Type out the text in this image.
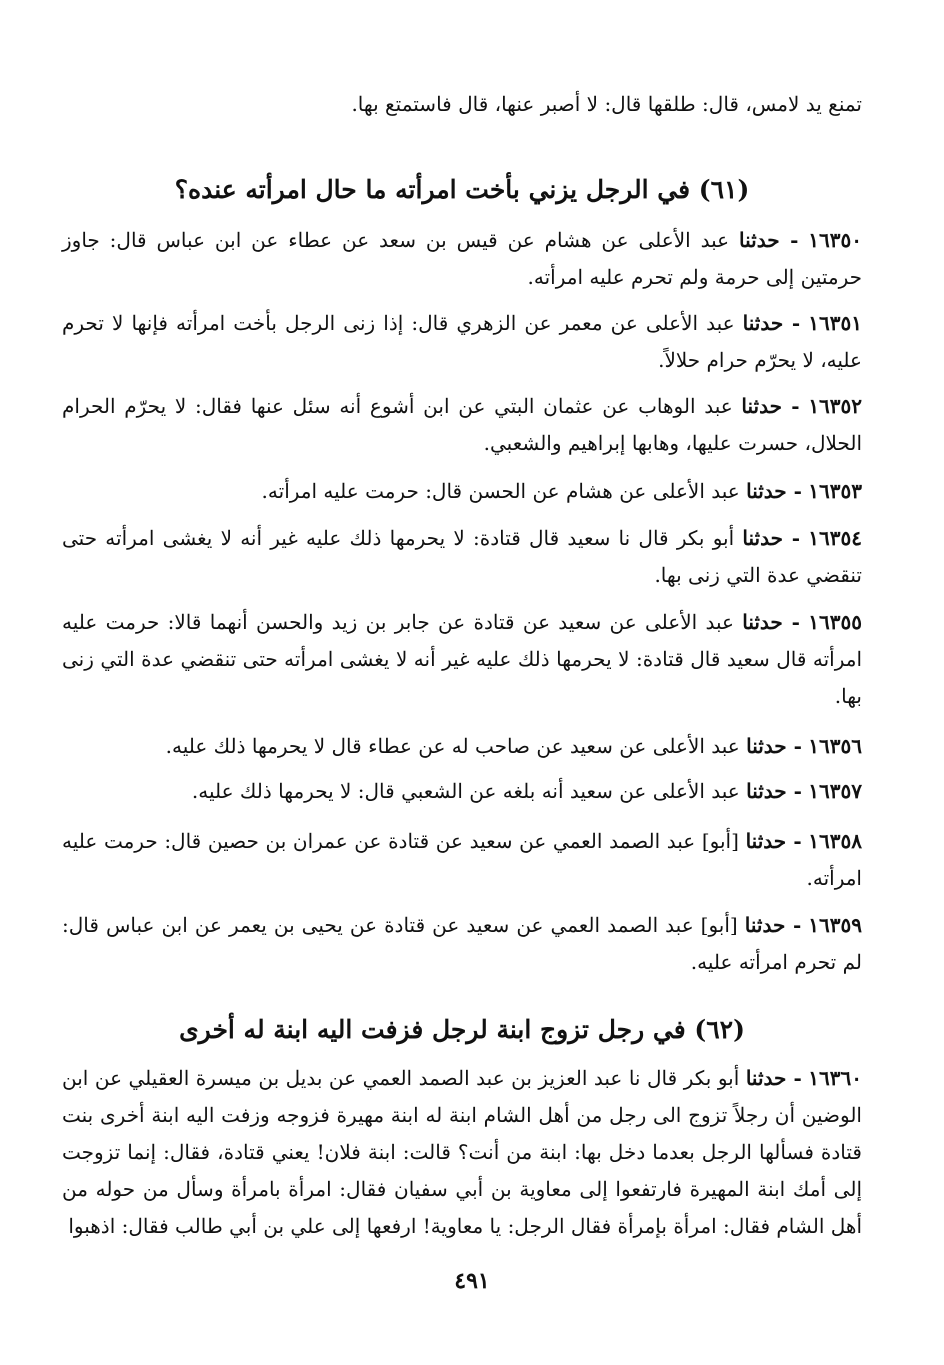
تمنع يد لامس، قال: طلقها قال: لا أصبر عنها، قال فاستمتع بها.
(٦١) في الرجل يزني بأخت امرأته ما حال امرأته عنده؟
١٦٣٥٠ - حدثنا عبد الأعلى عن هشام عن قيس بن سعد عن عطاء عن ابن عباس قال: جاوز حرمتين إلى حرمة ولم تحرم عليه امرأته.
١٦٣٥١ - حدثنا عبد الأعلى عن معمر عن الزهري قال: إذا زنى الرجل بأخت امرأته فإنها لا تحرم عليه، لا يحرّم حرام حلالاً.
١٦٣٥٢ - حدثنا عبد الوهاب عن عثمان البتي عن ابن أشوع أنه سئل عنها فقال: لا يحرّم الحرام الحلال، حسرت عليها، وهابها إبراهيم والشعبي.
١٦٣٥٣ - حدثنا عبد الأعلى عن هشام عن الحسن قال: حرمت عليه امرأته.
١٦٣٥٤ - حدثنا أبو بكر قال نا سعيد قال قتادة: لا يحرمها ذلك عليه غير أنه لا يغشى امرأته حتى تنقضي عدة التي زنى بها.
١٦٣٥٥ - حدثنا عبد الأعلى عن سعيد عن قتادة عن جابر بن زيد والحسن أنهما قالا: حرمت عليه امرأته قال سعيد قال قتادة: لا يحرمها ذلك عليه غير أنه لا يغشى امرأته حتى تنقضي عدة التي زنى بها.
١٦٣٥٦ - حدثنا عبد الأعلى عن سعيد عن صاحب له عن عطاء قال لا يحرمها ذلك عليه.
١٦٣٥٧ - حدثنا عبد الأعلى عن سعيد أنه بلغه عن الشعبي قال: لا يحرمها ذلك عليه.
١٦٣٥٨ - حدثنا [أبو] عبد الصمد العمي عن سعيد عن قتادة عن عمران بن حصين قال: حرمت عليه امرأته.
١٦٣٥٩ - حدثنا [أبو] عبد الصمد العمي عن سعيد عن قتادة عن يحيى بن يعمر عن ابن عباس قال: لم تحرم امرأته عليه.
(٦٢) في رجل تزوج ابنة لرجل فزفت اليه ابنة له أخرى
١٦٣٦٠ - حدثنا أبو بكر قال نا عبد العزيز بن عبد الصمد العمي عن بديل بن ميسرة العقيلي عن ابن الوضين أن رجلاً تزوج الى رجل من أهل الشام ابنة له ابنة مهيرة فزوجه وزفت اليه ابنة أخرى بنت قتادة فسألها الرجل بعدما دخل بها: ابنة من أنت؟ قالت: ابنة فلان! يعني قتادة، فقال: إنما تزوجت إلى أمك ابنة المهيرة فارتفعوا إلى معاوية بن أبي سفيان فقال: امرأة بامرأة وسأل من حوله من أهل الشام فقال: امرأة بإمرأة فقال الرجل: يا معاوية! ارفعها إلى علي بن أبي طالب فقال: اذهبوا
٤٩١
